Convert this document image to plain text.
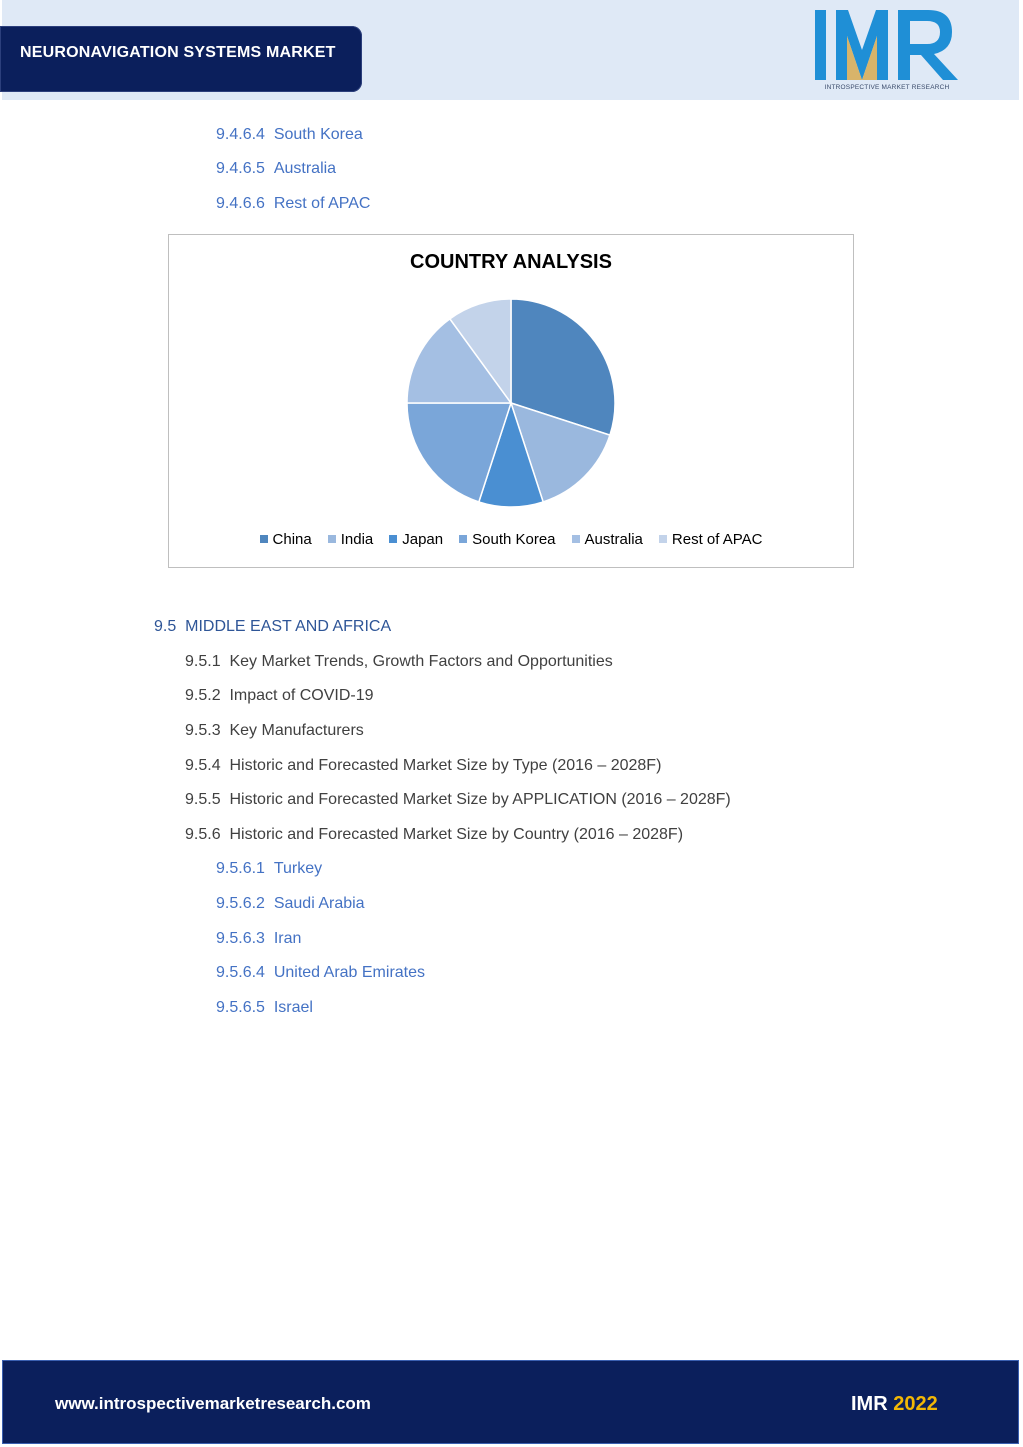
NEURONAVIGATION SYSTEMS MARKET
INTROSPECTIVE MARKET RESEARCH
9.4.6.4 South Korea
9.4.6.5 Australia
9.4.6.6 Rest of APAC
COUNTRY ANALYSIS
China India Japan South Korea Australia Rest of APAC
9.5 MIDDLE EAST AND AFRICA
9.5.1 Key Market Trends, Growth Factors and Opportunities
9.5.2 Impact of COVID-19
9.5.3 Key Manufacturers
9.5.4 Historic and Forecasted Market Size by Type (2016 – 2028F)
9.5.5 Historic and Forecasted Market Size by APPLICATION (2016 – 2028F)
9.5.6 Historic and Forecasted Market Size by Country (2016 – 2028F)
9.5.6.1 Turkey
9.5.6.2 Saudi Arabia
9.5.6.3 Iran
9.5.6.4 United Arab Emirates
9.5.6.5 Israel
www.introspectivemarketresearch.com	IMR 2022
